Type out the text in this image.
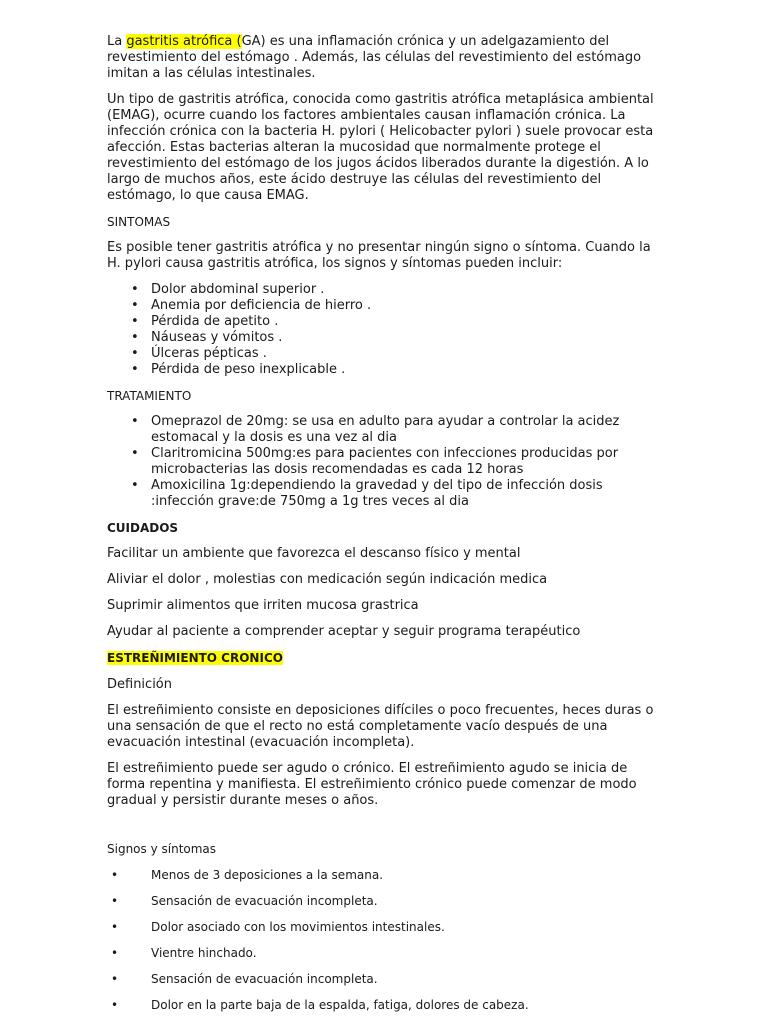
La gastritis atrófica (GA) es una inflamación crónica y un adelgazamiento del revestimiento del estómago . Además, las células del revestimiento del estómago imitan a las células intestinales.

Un tipo de gastritis atrófica, conocida como gastritis atrófica metaplásica ambiental (EMAG), ocurre cuando los factores ambientales causan inflamación crónica. La infección crónica con la bacteria H. pylori ( Helicobacter pylori ) suele provocar esta afección. Estas bacterias alteran la mucosidad que normalmente protege el revestimiento del estómago de los jugos ácidos liberados durante la digestión. A lo largo de muchos años, este ácido destruye las células del revestimiento del estómago, lo que causa EMAG.

SINTOMAS

Es posible tener gastritis atrófica y no presentar ningún signo o síntoma. Cuando la H. pylori causa gastritis atrófica, los signos y síntomas pueden incluir:

• Dolor abdominal superior .
• Anemia por deficiencia de hierro .
• Pérdida de apetito .
• Náuseas y vómitos .
• Úlceras pépticas .
• Pérdida de peso inexplicable .

TRATAMIENTO

• Omeprazol de 20mg: se usa en adulto para ayudar a controlar la acidez estomacal y la dosis es una vez al dia
• Claritromicina 500mg:es para pacientes con infecciones producidas por microbacterias las dosis recomendadas es cada 12 horas
• Amoxicilina 1g:dependiendo la gravedad y del tipo de infección dosis :infección grave:de 750mg a 1g tres veces al dia

CUIDADOS

Facilitar un ambiente que favorezca el descanso físico y mental

Aliviar el dolor , molestias con medicación según indicación medica

Suprimir alimentos que irriten mucosa grastrica

Ayudar al paciente a comprender aceptar y seguir programa terapéutico

ESTREÑIMIENTO CRONICO

Definición

El estreñimiento consiste en deposiciones difíciles o poco frecuentes, heces duras o una sensación de que el recto no está completamente vacío después de una evacuación intestinal (evacuación incompleta).

El estreñimiento puede ser agudo o crónico. El estreñimiento agudo se inicia de forma repentina y manifiesta. El estreñimiento crónico puede comenzar de modo gradual y persistir durante meses o años.

Signos y síntomas

• Menos de 3 deposiciones a la semana.
• Sensación de evacuación incompleta.
• Dolor asociado con los movimientos intestinales.
• Vientre hinchado.
• Sensación de evacuación incompleta.
• Dolor en la parte baja de la espalda, fatiga, dolores de cabeza.
